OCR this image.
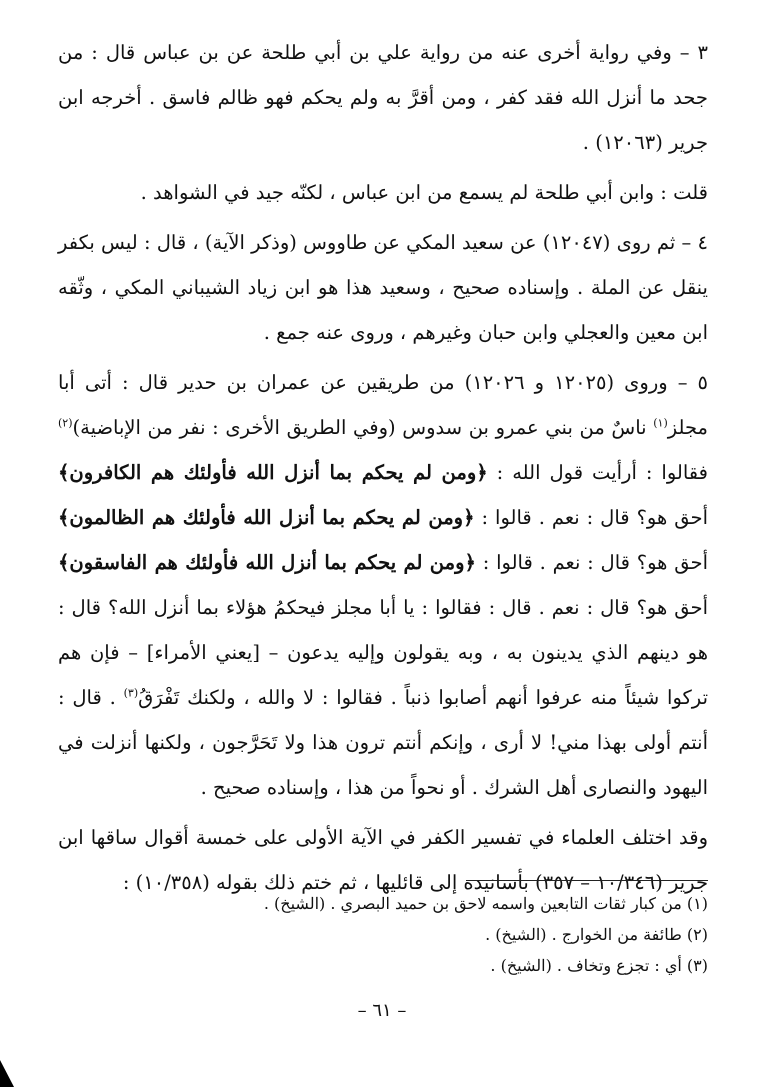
٣ – وفي رواية أخرى عنه من رواية علي بن أبي طلحة عن بن عباس قال : من جحد ما أنزل الله فقد كفر ، ومن أقرَّ به ولم يحكم فهو ظالم فاسق . أخرجه ابن جرير (١٢٠٦٣) .

قلت : وابن أبي طلحة لم يسمع من ابن عباس ، لكنّه جيد في الشواهد .

٤ – ثم روى (١٢٠٤٧) عن سعيد المكي عن طاووس (وذكر الآية) ، قال : ليس بكفر ينقل عن الملة . وإسناده صحيح ، وسعيد هذا هو ابن زياد الشيباني المكي ، وثّقه ابن معين والعجلي وابن حبان وغيرهم ، وروى عنه جمع .

٥ – وروى (١٢٠٢٥ و ١٢٠٢٦) من طريقين عن عمران بن حدير قال : أتى أبا مجلز$^{(١)}$ ناسٌ من بني عمرو بن سدوس (وفي الطريق الأخرى : نفر من الإباضية)$^{(٢)}$ فقالوا : أرأيت قول الله : ﴿ومن لم يحكم بما أنزل الله فأولئك هم الكافرون﴾ أحق هو؟ قال : نعم . قالوا : ﴿ومن لم يحكم بما أنزل الله فأولئك هم الظالمون﴾ أحق هو؟ قال : نعم . قالوا : ﴿ومن لم يحكم بما أنزل الله فأولئك هم الفاسقون﴾ أحق هو؟ قال : نعم . قال : فقالوا : يا أبا مجلز فيحكمُ هؤلاء بما أنزل الله؟ قال : هو دينهم الذي يدينون به ، وبه يقولون وإليه يدعون – [يعني الأمراء] – فإن هم تركوا شيئاً منه عرفوا أنهم أصابوا ذنباً . فقالوا : لا والله ، ولكنك تَفْرَقُ$^{(٣)}$ . قال : أنتم أولى بهذا مني! لا أرى ، وإنكم أنتم ترون هذا ولا تَحَرَّجون ، ولكنها أنزلت في اليهود والنصارى أهل الشرك . أو نحواً من هذا ، وإسناده صحيح .

وقد اختلف العلماء في تفسير الكفر في الآية الأولى على خمسة أقوال ساقها ابن جرير (١٠/٣٤٦ – ٣٥٧) بأسانيده إلى قائليها ، ثم ختم ذلك بقوله (١٠/٣٥٨) :

(١) من كبار ثقات التابعين واسمه لاحق بن حميد البصري . (الشيخ) .
(٢) طائفة من الخوارج . (الشيخ) .
(٣) أي : تجزع وتخاف . (الشيخ) .
– ٦١ –
